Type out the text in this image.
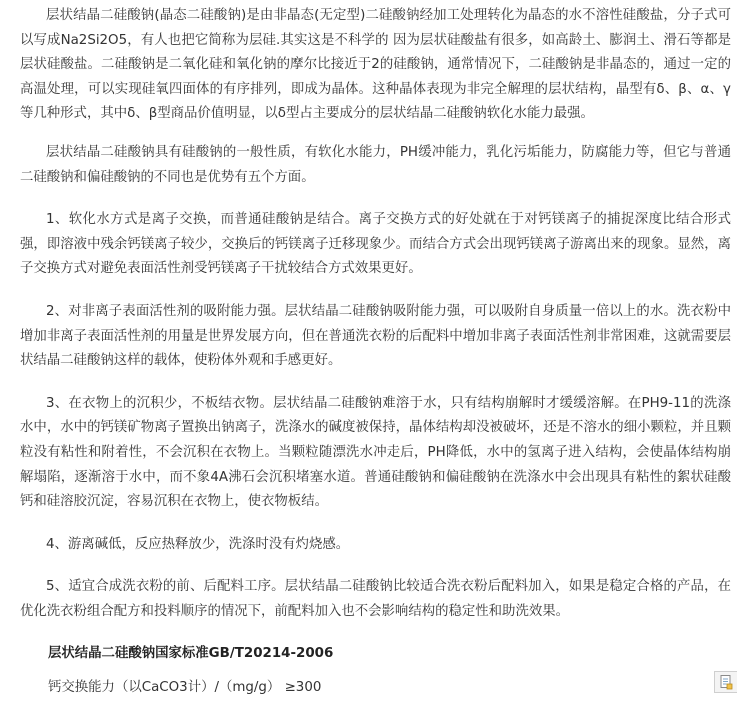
层状结晶二硅酸钠(晶态二硅酸钠)是由非晶态(无定型)二硅酸钠经加工处理转化为晶态的水不溶性硅酸盐，分子式可以写成Na2Si2O5，有人也把它简称为层硅.其实这是不科学的 因为层状硅酸盐有很多，如高龄土、膨润土、滑石等都是层状硅酸盐。二硅酸钠是二氧化硅和氧化钠的摩尔比接近于2的硅酸钠，通常情况下，二硅酸钠是非晶态的，通过一定的高温处理，可以实现硅氧四面体的有序排列，即成为晶体。这种晶体表现为非完全解理的层状结构，晶型有δ、β、α、γ 等几种形式，其中δ、β型商品价值明显，以δ型占主要成分的层状结晶二硅酸钠软化水能力最强。

层状结晶二硅酸钠具有硅酸钠的一般性质，有软化水能力，PH缓冲能力，乳化污垢能力，防腐能力等，但它与普通二硅酸钠和偏硅酸钠的不同也是优势有五个方面。

1、软化水方式是离子交换，而普通硅酸钠是结合。离子交换方式的好处就在于对钙镁离子的捕捉深度比结合形式强，即溶液中残余钙镁离子较少，交换后的钙镁离子迁移现象少。而结合方式会出现钙镁离子游离出来的现象。显然，离子交换方式对避免表面活性剂受钙镁离子干扰较结合方式效果更好。

2、对非离子表面活性剂的吸附能力强。层状结晶二硅酸钠吸附能力强，可以吸附自身质量一倍以上的水。洗衣粉中增加非离子表面活性剂的用量是世界发展方向，但在普通洗衣粉的后配料中增加非离子表面活性剂非常困难，这就需要层状结晶二硅酸钠这样的载体，使粉体外观和手感更好。

3、在衣物上的沉积少，不板结衣物。层状结晶二硅酸钠难溶于水，只有结构崩解时才缓缓溶解。在PH9-11的洗涤水中，水中的钙镁矿物离子置换出钠离子，洗涤水的碱度被保持，晶体结构却没被破坏，还是不溶水的细小颗粒，并且颗粒没有粘性和附着性，不会沉积在衣物上。当颗粒随漂洗水冲走后，PH降低，水中的氢离子进入结构，会使晶体结构崩解塌陷，逐渐溶于水中，而不象4A沸石会沉积堵塞水道。普通硅酸钠和偏硅酸钠在洗涤水中会出现具有粘性的絮状硅酸钙和硅溶胶沉淀，容易沉积在衣物上，使衣物板结。

4、游离碱低，反应热释放少，洗涤时没有灼烧感。

5、适宜合成洗衣粉的前、后配料工序。层状结晶二硅酸钠比较适合洗衣粉后配料加入，如果是稳定合格的产品，在优化洗衣粉组合配方和投料顺序的情况下，前配料加入也不会影响结构的稳定性和助洗效果。

层状结晶二硅酸钠国家标准GB/T20214-2006
钙交换能力（以CaCO3计）/（mg/g） ≥300
